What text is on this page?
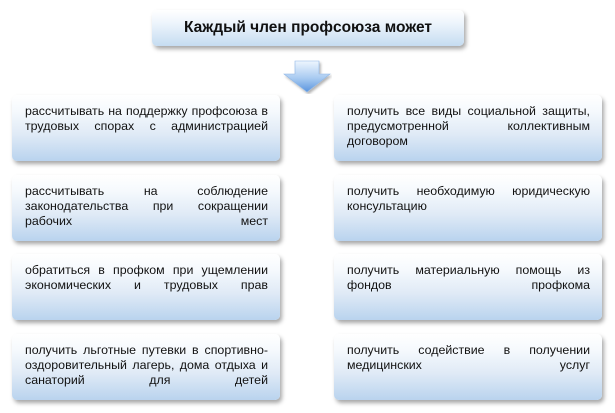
Каждый член профсоюза может

рассчитывать на поддержку профсоюза в трудовых спорах с администрацией

рассчитывать на соблюдение законодательства при сокращении рабочих мест

обратиться в профком при ущемлении экономических и трудовых прав

получить льготные путевки в спортивно-оздоровительный лагерь, дома отдыха и санаторий для детей

получить все виды социальной защиты, предусмотренной коллективным договором

получить необходимую юридическую консультацию

получить материальную помощь из фондов профкома

получить содействие в получении медицинских услуг
